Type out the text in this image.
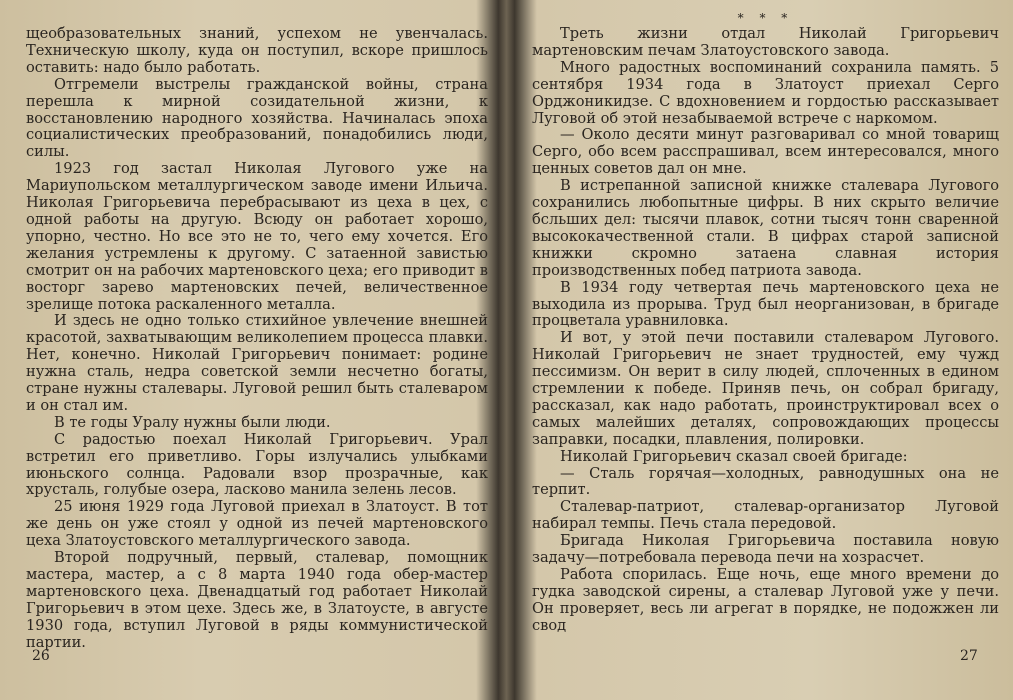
щеобразовательных знаний, успехом не увенчалась. Техническую школу, куда он поступил, вскоре пришлось оставить: надо было работать.

Отгремели выстрелы гражданской войны, страна перешла к мирной созидательной жизни, к восстановлению народного хозяйства. Начиналась эпоха социалистических преобразований, понадобились люди, силы.

1923 год застал Николая Лугового уже на Мариупольском металлургическом заводе имени Ильича. Николая Григорьевича перебрасывают из цеха в цех, с одной работы на другую. Всюду он работает хорошо, упорно, честно. Но все это не то, чего ему хочется. Его желания устремлены к другому. С затаенной завистью смотрит он на рабочих мартеновского цеха; его приводит в восторг зарево мартеновских печей, величественное зрелище потока раскаленного металла.

И здесь не одно только стихийное увлечение внешней красотой, захватывающим великолепием процесса плавки. Нет, конечно. Николай Григорьевич понимает: родине нужна сталь, недра советской земли несчетно богаты, стране нужны сталевары. Луговой решил быть сталеваром и он стал им.

В те годы Уралу нужны были люди.

С радостью поехал Николай Григорьевич. Урал встретил его приветливо. Горы излучались улыбками июньского солнца. Радовали взор прозрачные, как хрусталь, голубые озера, ласково манила зелень лесов.

25 июня 1929 года Луговой приехал в Златоуст. В тот же день он уже стоял у одной из печей мартеновского цеха Златоустовского металлургического завода.

Второй подручный, первый, сталевар, помощник мастера, мастер, а с 8 марта 1940 года обер-мастер мартеновского цеха. Двенадцатый год работает Николай Григорьевич в этом цехе. Здесь же, в Златоусте, в августе 1930 года, вступил Луговой в ряды коммунистической партии.

26
* * *

Треть жизни отдал Николай Григорьевич мартеновским печам Златоустовского завода.

Много радостных воспоминаний сохранила память. 5 сентября 1934 года в Златоуст приехал Серго Орджоникидзе. С вдохновением и гордостью рассказывает Луговой об этой незабываемой встрече с наркомом.

— Около десяти минут разговаривал со мной товарищ Серго, обо всем расспрашивал, всем интересовался, много ценных советов дал он мне.

В истрепанной записной книжке сталевара Лугового сохранились любопытные цифры. В них скрыто величие бсльших дел: тысячи плавок, сотни тысяч тонн сваренной высококачественной стали. В цифрах старой записной книжки скромно затаена славная история производственных побед патриота завода.

В 1934 году четвертая печь мартеновского цеха не выходила из прорыва. Труд был неорганизован, в бригаде процветала уравниловка.

И вот, у этой печи поставили сталеваром Лугового. Николай Григорьевич не знает трудностей, ему чужд пессимизм. Он верит в силу людей, сплоченных в едином стремлении к победе. Приняв печь, он собрал бригаду, рассказал, как надо работать, проинструктировал всех о самых малейших деталях, сопровождающих процессы заправки, посадки, плавления, полировки.

Николай Григорьевич сказал своей бригаде:

— Сталь горячая—холодных, равнодушных она не терпит.

Сталевар-патриот, сталевар-организатор Луговой набирал темпы. Печь стала передовой.

Бригада Николая Григорьевича поставила новую задачу—потребовала перевода печи на хозрасчет.

Работа спорилась. Еще ночь, еще много времени до гудка заводской сирены, а сталевар Луговой уже у печи. Он проверяет, весь ли агрегат в порядке, не подожжен ли свод

27
